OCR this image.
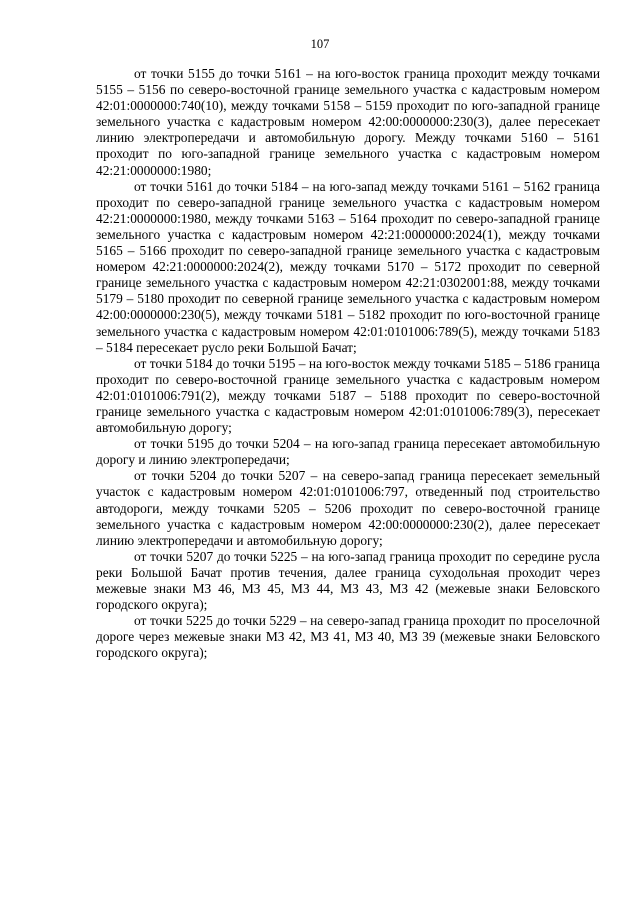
107

от точки 5155 до точки 5161 – на юго-восток граница проходит между точками 5155 – 5156 по северо-восточной границе земельного участка с кадастровым номером 42:01:0000000:740(10), между точками 5158 – 5159 проходит по юго-западной границе земельного участка с кадастровым номером 42:00:0000000:230(3), далее пересекает линию электропередачи и автомобильную дорогу. Между точками 5160 – 5161 проходит по юго-западной границе земельного участка с кадастровым номером 42:21:0000000:1980;

от точки 5161 до точки 5184 – на юго-запад между точками 5161 – 5162 граница проходит по северо-западной границе земельного участка с кадастровым номером 42:21:0000000:1980, между точками 5163 – 5164 проходит по северо-западной границе земельного участка с кадастровым номером 42:21:0000000:2024(1), между точками 5165 – 5166 проходит по северо-западной границе земельного участка с кадастровым номером 42:21:0000000:2024(2), между точками 5170 – 5172 проходит по северной границе земельного участка с кадастровым номером 42:21:0302001:88, между точками 5179 – 5180 проходит по северной границе земельного участка с кадастровым номером 42:00:0000000:230(5), между точками 5181 – 5182 проходит по юго-восточной границе земельного участка с кадастровым номером 42:01:0101006:789(5), между точками 5183 – 5184 пересекает русло реки Большой Бачат;

от точки 5184 до точки 5195 – на юго-восток между точками 5185 – 5186 граница проходит по северо-восточной границе земельного участка с кадастровым номером 42:01:0101006:791(2), между точками 5187 – 5188 проходит по северо-восточной границе земельного участка с кадастровым номером 42:01:0101006:789(3), пересекает автомобильную дорогу;

от точки 5195 до точки 5204 – на юго-запад граница пересекает автомобильную дорогу и линию электропередачи;

от точки 5204 до точки 5207 – на северо-запад граница пересекает земельный участок с кадастровым номером 42:01:0101006:797, отведенный под строительство автодороги, между точками 5205 – 5206 проходит по северо-восточной границе земельного участка с кадастровым номером 42:00:0000000:230(2), далее пересекает линию электропередачи и автомобильную дорогу;

от точки 5207 до точки 5225 – на юго-запад граница проходит по середине русла реки Большой Бачат против течения, далее граница суходольная проходит через межевые знаки МЗ 46, МЗ 45, МЗ 44, МЗ 43, МЗ 42 (межевые знаки Беловского городского округа);

от точки 5225 до точки 5229 – на северо-запад граница проходит по проселочной дороге через межевые знаки МЗ 42, МЗ 41, МЗ 40, МЗ 39 (межевые знаки Беловского городского округа);
